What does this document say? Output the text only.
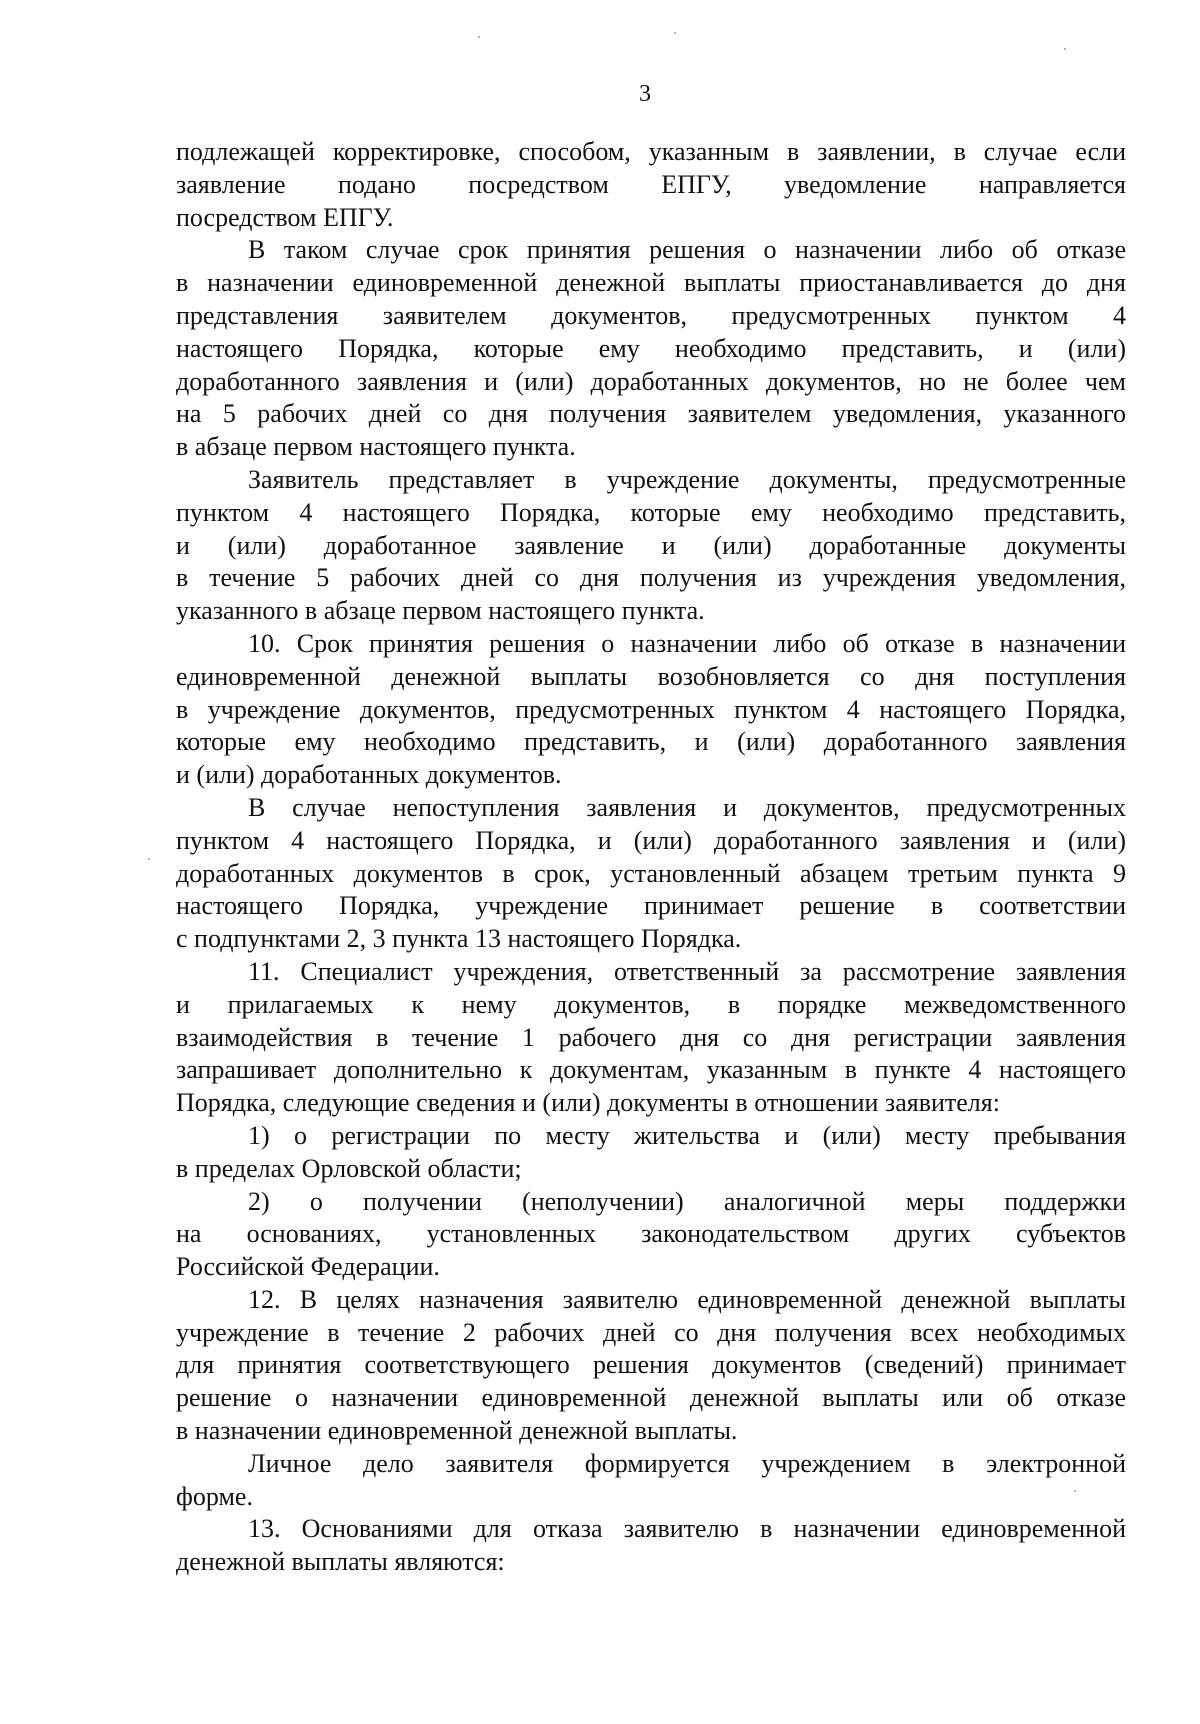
3
подлежащей корректировке, способом, указанным в заявлении, в случае если
заявление подано посредством ЕПГУ, уведомление направляется
посредством ЕПГУ.
В таком случае срок принятия решения о назначении либо об отказе
в назначении единовременной денежной выплаты приостанавливается до дня
представления заявителем документов, предусмотренных пунктом 4
настоящего Порядка, которые ему необходимо представить, и (или)
доработанного заявления и (или) доработанных документов, но не более чем
на 5 рабочих дней со дня получения заявителем уведомления, указанного
в абзаце первом настоящего пункта.
Заявитель представляет в учреждение документы, предусмотренные
пунктом 4 настоящего Порядка, которые ему необходимо представить,
и (или) доработанное заявление и (или) доработанные документы
в течение 5 рабочих дней со дня получения из учреждения уведомления,
указанного в абзаце первом настоящего пункта.
10. Срок принятия решения о назначении либо об отказе в назначении
единовременной денежной выплаты возобновляется со дня поступления
в учреждение документов, предусмотренных пунктом 4 настоящего Порядка,
которые ему необходимо представить, и (или) доработанного заявления
и (или) доработанных документов.
В случае непоступления заявления и документов, предусмотренных
пунктом 4 настоящего Порядка, и (или) доработанного заявления и (или)
доработанных документов в срок, установленный абзацем третьим пункта 9
настоящего Порядка, учреждение принимает решение в соответствии
с подпунктами 2, 3 пункта 13 настоящего Порядка.
11. Специалист учреждения, ответственный за рассмотрение заявления
и прилагаемых к нему документов, в порядке межведомственного
взаимодействия в течение 1 рабочего дня со дня регистрации заявления
запрашивает дополнительно к документам, указанным в пункте 4 настоящего
Порядка, следующие сведения и (или) документы в отношении заявителя:
1) о регистрации по месту жительства и (или) месту пребывания
в пределах Орловской области;
2) о получении (неполучении) аналогичной меры поддержки
на основаниях, установленных законодательством других субъектов
Российской Федерации.
12. В целях назначения заявителю единовременной денежной выплаты
учреждение в течение 2 рабочих дней со дня получения всех необходимых
для принятия соответствующего решения документов (сведений) принимает
решение о назначении единовременной денежной выплаты или об отказе
в назначении единовременной денежной выплаты.
Личное дело заявителя формируется учреждением в электронной
форме.
13. Основаниями для отказа заявителю в назначении единовременной
денежной выплаты являются:
